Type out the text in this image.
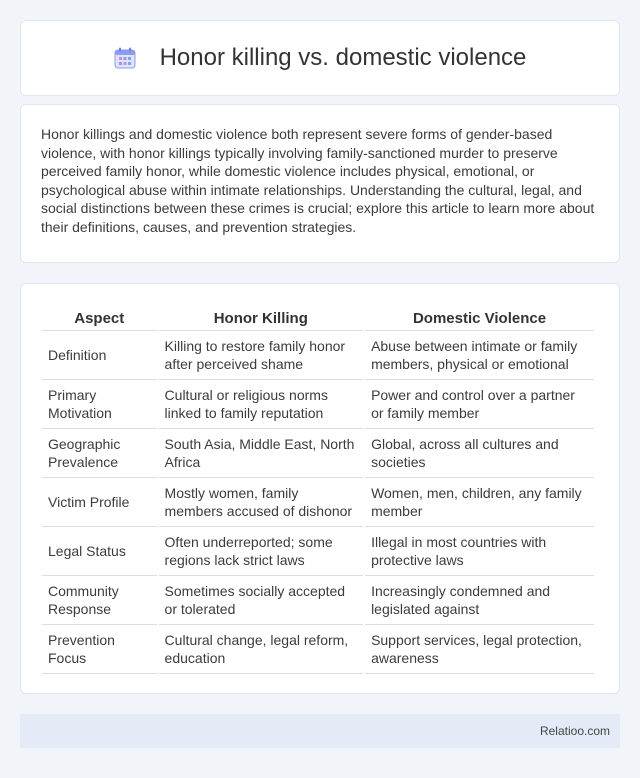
Honor killing vs. domestic violence

Honor killings and domestic violence both represent severe forms of gender-based violence, with honor killings typically involving family-sanctioned murder to preserve perceived family honor, while domestic violence includes physical, emotional, or psychological abuse within intimate relationships. Understanding the cultural, legal, and social distinctions between these crimes is crucial; explore this article to learn more about their definitions, causes, and prevention strategies.

Aspect	Honor Killing	Domestic Violence
Definition	Killing to restore family honor after perceived shame	Abuse between intimate or family members, physical or emotional
Primary Motivation	Cultural or religious norms linked to family reputation	Power and control over a partner or family member
Geographic Prevalence	South Asia, Middle East, North Africa	Global, across all cultures and societies
Victim Profile	Mostly women, family members accused of dishonor	Women, men, children, any family member
Legal Status	Often underreported; some regions lack strict laws	Illegal in most countries with protective laws
Community Response	Sometimes socially accepted or tolerated	Increasingly condemned and legislated against
Prevention Focus	Cultural change, legal reform, education	Support services, legal protection, awareness
Relatioo.com
